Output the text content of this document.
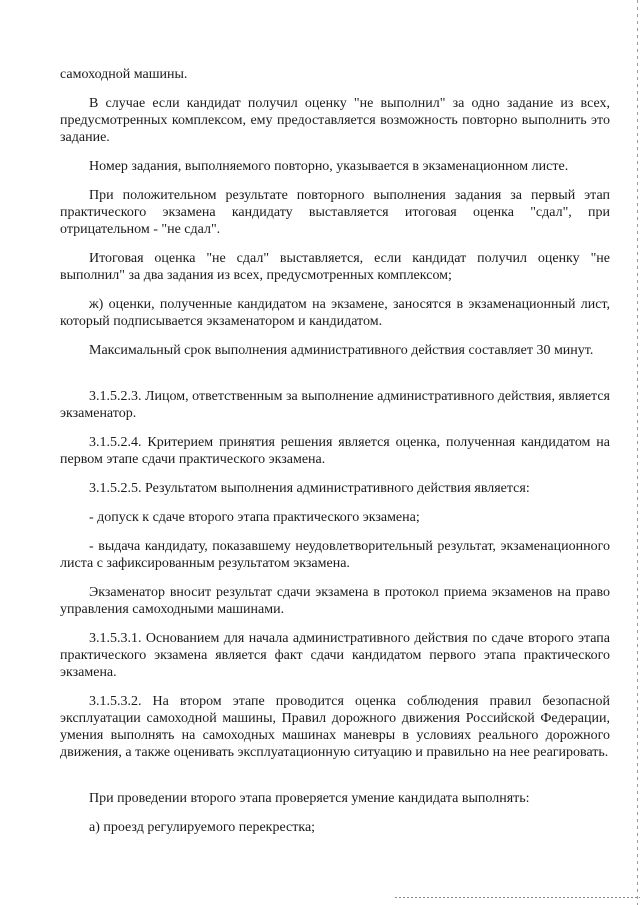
самоходной машины.

В случае если кандидат получил оценку "не выполнил" за одно задание из всех, предусмотренных комплексом, ему предоставляется возможность повторно выполнить это задание.

Номер задания, выполняемого повторно, указывается в экзаменационном листе.

При положительном результате повторного выполнения задания за первый этап практического экзамена кандидату выставляется итоговая оценка "сдал", при отрицательном - "не сдал".

Итоговая оценка "не сдал" выставляется, если кандидат получил оценку "не выполнил" за два задания из всех, предусмотренных комплексом;

ж) оценки, полученные кандидатом на экзамене, заносятся в экзаменационный лист, который подписывается экзаменатором и кандидатом.

Максимальный срок выполнения административного действия составляет 30 минут.

3.1.5.2.3. Лицом, ответственным за выполнение административного действия, является экзаменатор.

3.1.5.2.4. Критерием принятия решения является оценка, полученная кандидатом на первом этапе сдачи практического экзамена.

3.1.5.2.5. Результатом выполнения административного действия является:

- допуск к сдаче второго этапа практического экзамена;

- выдача кандидату, показавшему неудовлетворительный результат, экзаменационного листа с зафиксированным результатом экзамена.

Экзаменатор вносит результат сдачи экзамена в протокол приема экзаменов на право управления самоходными машинами.

3.1.5.3.1. Основанием для начала административного действия по сдаче второго этапа практического экзамена является факт сдачи кандидатом первого этапа практического экзамена.

3.1.5.3.2. На втором этапе проводится оценка соблюдения правил безопасной эксплуатации самоходной машины, Правил дорожного движения Российской Федерации, умения выполнять на самоходных машинах маневры в условиях реального дорожного движения, а также оценивать эксплуатационную ситуацию и правильно на нее реагировать.

При проведении второго этапа проверяется умение кандидата выполнять:

а) проезд регулируемого перекрестка;
